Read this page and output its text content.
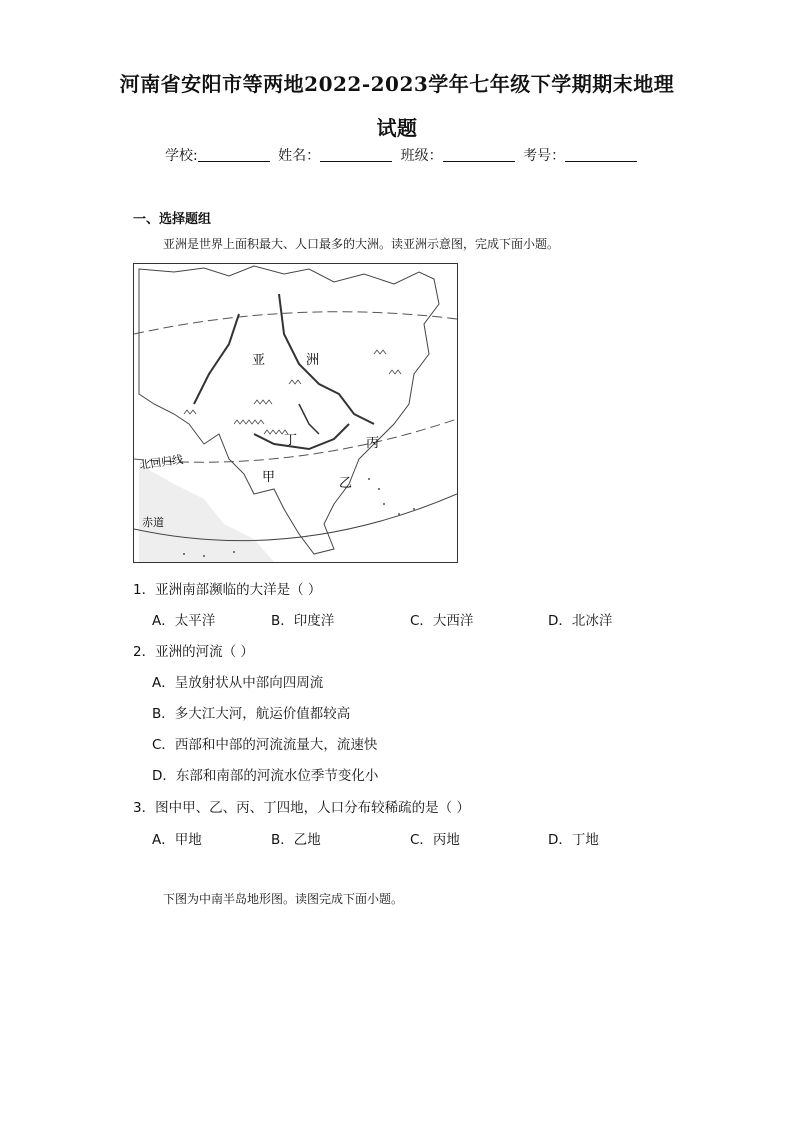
河南省安阳市等两地2022-2023学年七年级下学期期末地理
试题
学校:	姓名：	班级：	考号：
一、选择题组
亚洲是世界上面积最大、人口最多的大洲。读亚洲示意图，完成下面小题。
亚	洲
丁	丙
甲	乙
北回归线
赤道
1．亚洲南部濒临的大洋是（ ）
A．太平洋	B．印度洋	C．大西洋	D．北冰洋
2．亚洲的河流（ ）
A．呈放射状从中部向四周流
B．多大江大河，航运价值都较高
C．西部和中部的河流流量大，流速快
D．东部和南部的河流水位季节变化小
3．图中甲、乙、丙、丁四地，人口分布较稀疏的是（ ）
A．甲地	B．乙地	C．丙地	D．丁地
下图为中南半岛地形图。读图完成下面小题。
